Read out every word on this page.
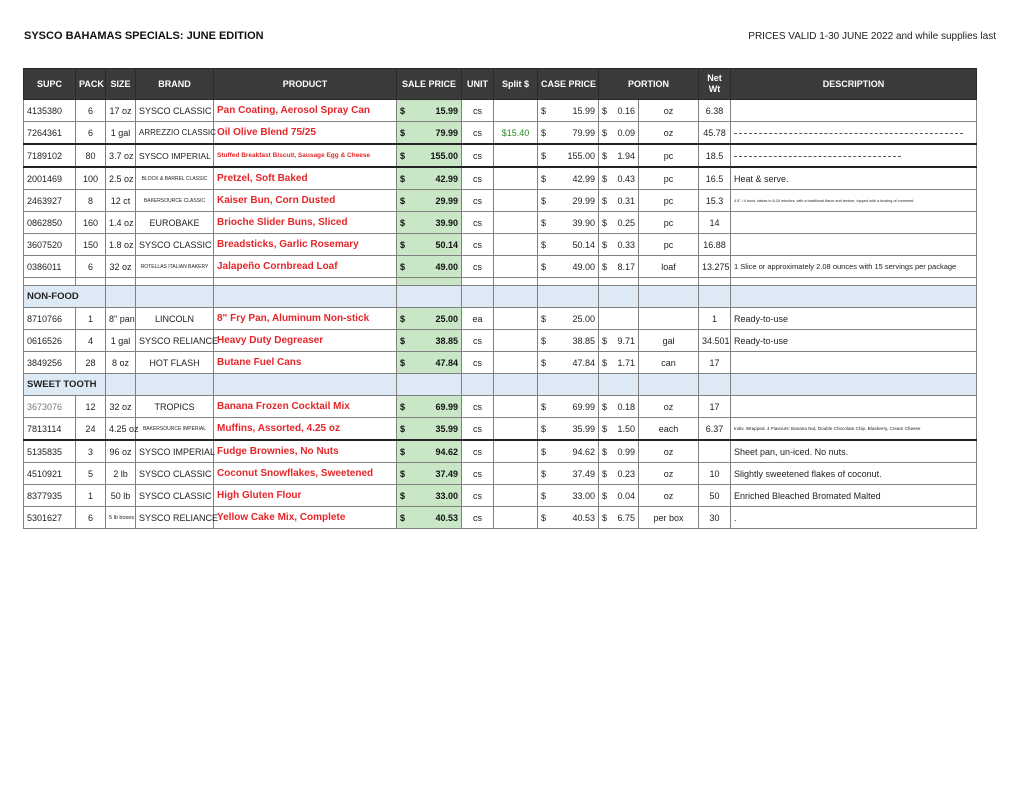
SYSCO BAHAMAS SPECIALS: JUNE EDITION	PRICES VALID 1-30 JUNE 2022 and while supplies last
SUPC	PACK	SIZE	BRAND	PRODUCT	SALE PRICE	UNIT	Split $	CASE PRICE	PORTION		Net Wt	DESCRIPTION
4135380	6	17 oz	SYSCO CLASSIC	Pan Coating, Aerosol Spray Can	$ 15.99	cs		$ 15.99	$ 0.16	oz	6.38	
7264361	6	1 gal	ARREZZIO CLASSIC	Oil Olive Blend 75/25	$ 79.99	cs	$15.40	$ 79.99	$ 0.09	oz	45.78	

7189102	80	3.7 oz	SYSCO IMPERIAL	Stuffed Breakfast Biscuit, Sausage Egg & Cheese	$ 155.00	cs		$ 155.00	$ 1.94	pc	18.5	

2001469	100	2.5 oz	BLOCK & BARREL CLASSIC	Pretzel, Soft Baked	$ 42.99	cs		$ 42.99	$ 0.43	pc	16.5	Heat & serve.
2463927	8	12 ct	BAKERSOURCE CLASSIC	Kaiser Bun, Corn Dusted	$ 29.99	cs		$ 29.99	$ 0.31	pc	15.3	4.5" / 4 buns, bakes in 8-10 minutes, with a traditional flavor and texture, topped with a dusting of cornmeal
0862850	160	1.4 oz	EUROBAKE	Brioche Slider Buns, Sliced	$ 39.90	cs		$ 39.90	$ 0.25	pc	14	
3607520	150	1.8 oz	SYSCO CLASSIC	Breadsticks, Garlic Rosemary	$ 50.14	cs		$ 50.14	$ 0.33	pc	16.88	
0386011	6	32 oz	ROTELLAS ITALIAN BAKERY	Jalapeño Cornbread Loaf	$ 49.00	cs		$ 49.00	$ 8.17	loaf	13.275	1 Slice or approximately 2.08 ounces with 15 servings per package

NON-FOOD												
8710766	1	8" pan	LINCOLN	8" Fry Pan, Aluminum Non-stick	$ 25.00	ea		$ 25.00			1	Ready-to-use
0616526	4	1 gal	SYSCO RELIANCE	Heavy Duty Degreaser	$ 38.85	cs		$ 38.85	$ 9.71	gal	34.501	Ready-to-use
3849256	28	8 oz	HOT FLASH	Butane Fuel Cans	$ 47.84	cs		$ 47.84	$ 1.71	can	17	
SWEET TOOTH												
3673076	12	32 oz	TROPICS	Banana Frozen Cocktail Mix	$ 69.99	cs		$ 69.99	$ 0.18	oz	17	
7813114	24	4.25 oz	BAKERSOURCE IMPERIAL	Muffins, Assorted, 4.25 oz	$ 35.99	cs		$ 35.99	$ 1.50	each	6.37	Indiv. Wrapped. 4 Flavours: Banana Nut, Double Chocolate Chip, Blueberry, Cream Cheese
5135835	3	96 oz	SYSCO IMPERIAL	Fudge Brownies, No Nuts	$ 94.62	cs		$ 94.62	$ 0.99	oz		Sheet pan, un-iced. No nuts.
4510921	5	2 lb	SYSCO CLASSIC	Coconut Snowflakes, Sweetened	$ 37.49	cs		$ 37.49	$ 0.23	oz	10	Slightly sweetened flakes of coconut.
8377935	1	50 lb	SYSCO CLASSIC	High Gluten Flour	$ 33.00	cs		$ 33.00	$ 0.04	oz	50	Enriched Bleached Bromated Malted
5301627	6	5 lb boxes	SYSCO RELIANCE	Yellow Cake Mix, Complete	$ 40.53	cs		$ 40.53	$ 6.75	per box	30	.
